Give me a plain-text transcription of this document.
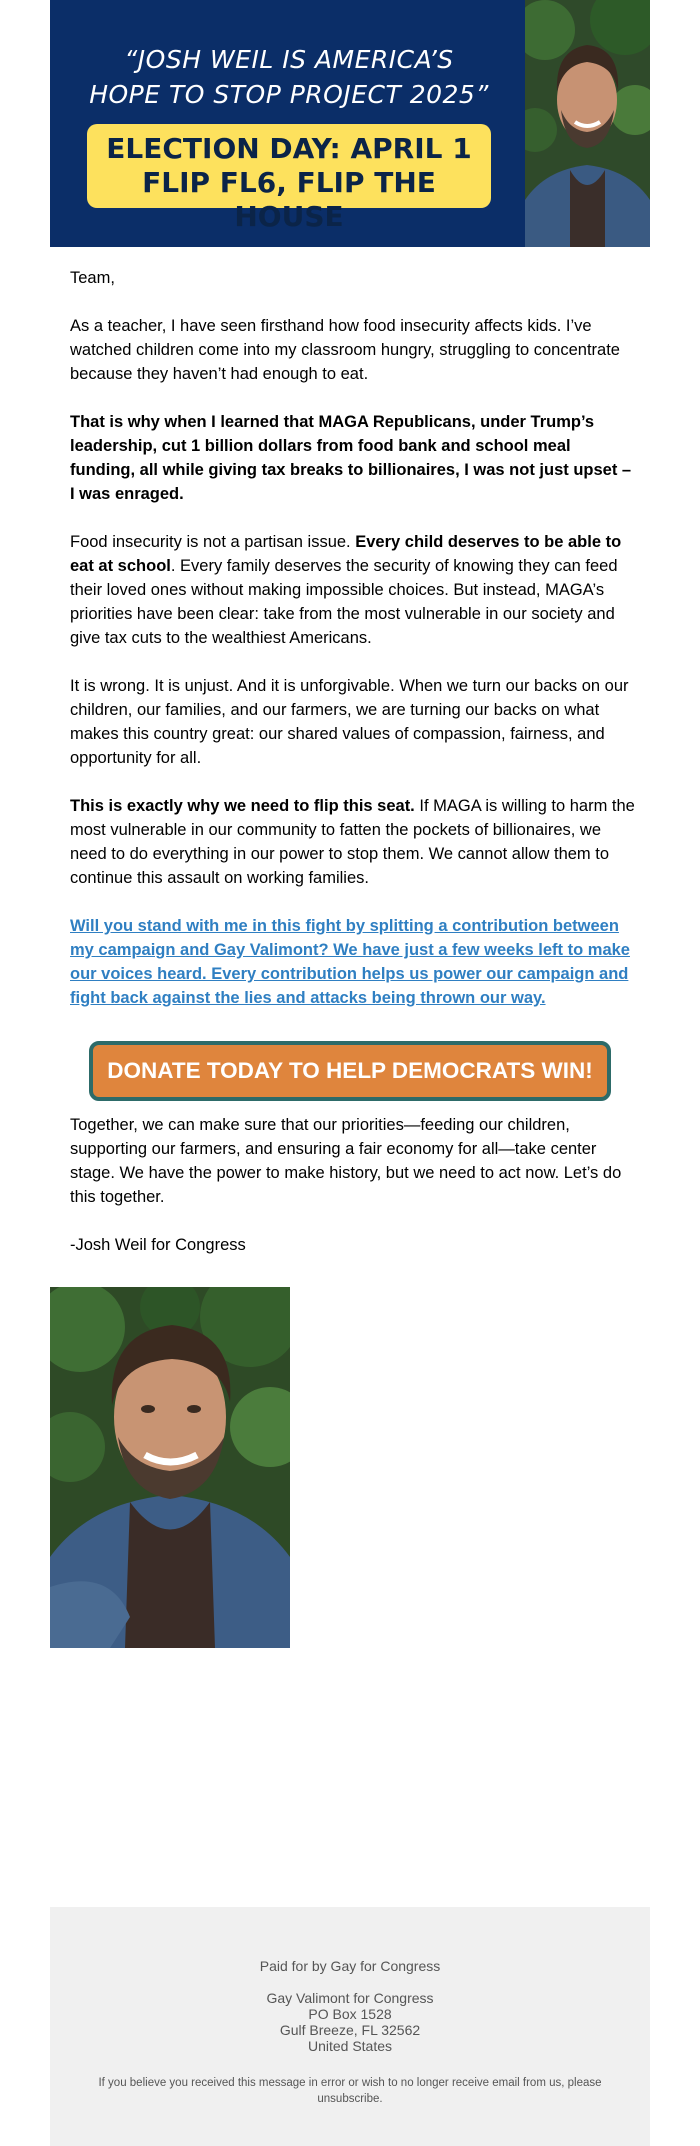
“JOSH WEIL IS AMERICA’S
HOPE TO STOP PROJECT 2025”
ELECTION DAY: APRIL 1
FLIP FL6, FLIP THE HOUSE

Team,

As a teacher, I have seen firsthand how food insecurity affects kids. I’ve watched children come into my classroom hungry, struggling to concentrate because they haven’t had enough to eat.

That is why when I learned that MAGA Republicans, under Trump’s leadership, cut 1 billion dollars from food bank and school meal funding, all while giving tax breaks to billionaires, I was not just upset – I was enraged.

Food insecurity is not a partisan issue. Every child deserves to be able to eat at school. Every family deserves the security of knowing they can feed their loved ones without making impossible choices. But instead, MAGA’s priorities have been clear: take from the most vulnerable in our society and give tax cuts to the wealthiest Americans.

It is wrong. It is unjust. And it is unforgivable. When we turn our backs on our children, our families, and our farmers, we are turning our backs on what makes this country great: our shared values of compassion, fairness, and opportunity for all.

This is exactly why we need to flip this seat. If MAGA is willing to harm the most vulnerable in our community to fatten the pockets of billionaires, we need to do everything in our power to stop them. We cannot allow them to continue this assault on working families.

Will you stand with me in this fight by splitting a contribution between my campaign and Gay Valimont? We have just a few weeks left to make our voices heard. Every contribution helps us power our campaign and fight back against the lies and attacks being thrown our way.

DONATE TODAY TO HELP DEMOCRATS WIN!

Together, we can make sure that our priorities—feeding our children, supporting our farmers, and ensuring a fair economy for all—take center stage. We have the power to make history, but we need to act now. Let’s do this together.

-Josh Weil for Congress

Paid for by Gay for Congress
Gay Valimont for Congress
PO Box 1528
Gulf Breeze, FL 32562
United States
If you believe you received this message in error or wish to no longer receive email from us, please unsubscribe.
